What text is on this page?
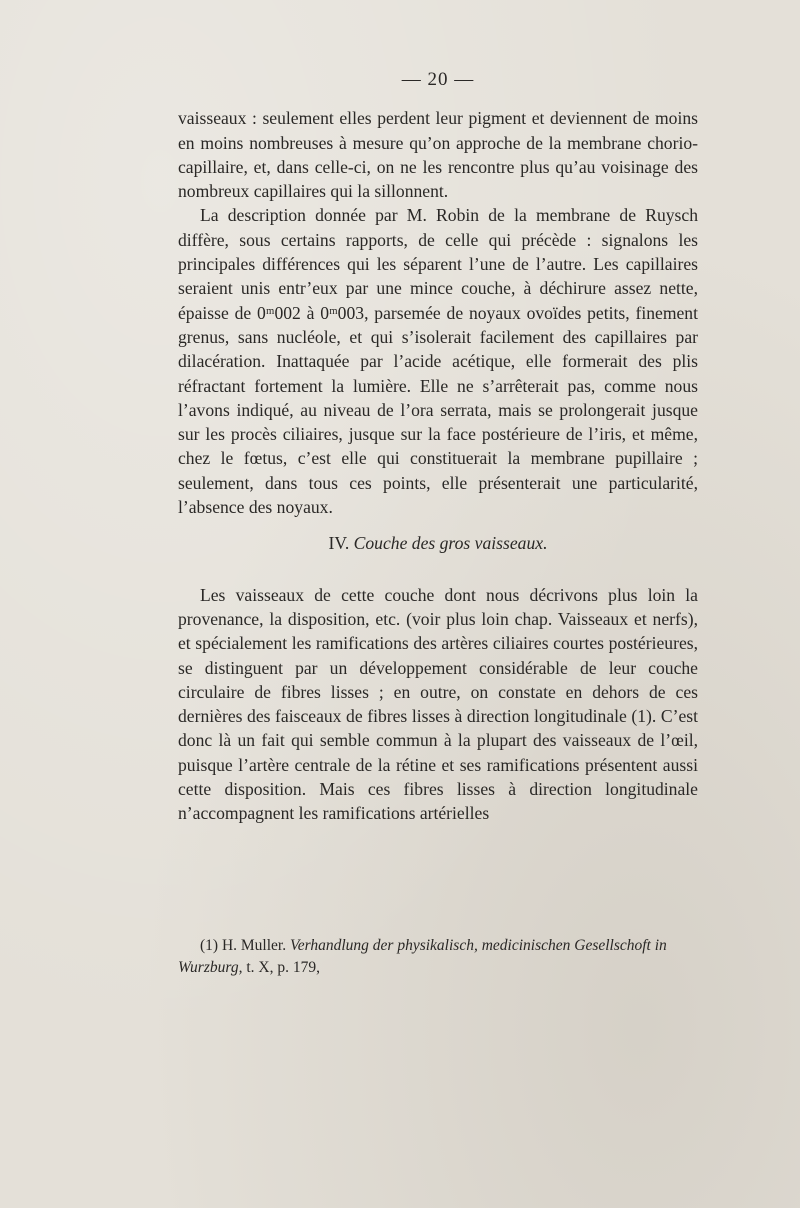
— 20 —

vaisseaux : seulement elles perdent leur pigment et deviennent de moins en moins nombreuses à mesure qu’on approche de la membrane chorio-capillaire, et, dans celle-ci, on ne les rencontre plus qu’au voisinage des nombreux capillaires qui la sillonnent.

La description donnée par M. Robin de la membrane de Ruysch diffère, sous certains rapports, de celle qui précède : signalons les principales différences qui les séparent l’une de l’autre. Les capillaires seraient unis entr’eux par une mince couche, à déchirure assez nette, épaisse de 0ᵐ002 à 0ᵐ003, parsemée de noyaux ovoïdes petits, finement grenus, sans nucléole, et qui s’isolerait facilement des capillaires par dilacération. Inattaquée par l’acide acétique, elle formerait des plis réfractant fortement la lumière. Elle ne s’arrêterait pas, comme nous l’avons indiqué, au niveau de l’ora serrata, mais se prolongerait jusque sur les procès ciliaires, jusque sur la face postérieure de l’iris, et même, chez le fœtus, c’est elle qui constituerait la membrane pupillaire ; seulement, dans tous ces points, elle présenterait une particularité, l’absence des noyaux.

IV. Couche des gros vaisseaux.

Les vaisseaux de cette couche dont nous décrivons plus loin la provenance, la disposition, etc. (voir plus loin chap. Vaisseaux et nerfs), et spécialement les ramifications des artères ciliaires courtes postérieures, se distinguent par un développement considérable de leur couche circulaire de fibres lisses ; en outre, on constate en dehors de ces dernières des faisceaux de fibres lisses à direction longitudinale (1). C’est donc là un fait qui semble commun à la plupart des vaisseaux de l’œil, puisque l’artère centrale de la rétine et ses ramifications présentent aussi cette disposition. Mais ces fibres lisses à direction longitudinale n’accompagnent les ramifications artérielles

(1) H. Muller. Verhandlung der physikalisch, medicinischen Gesellschoft in Wurzburg, t. X, p. 179,
